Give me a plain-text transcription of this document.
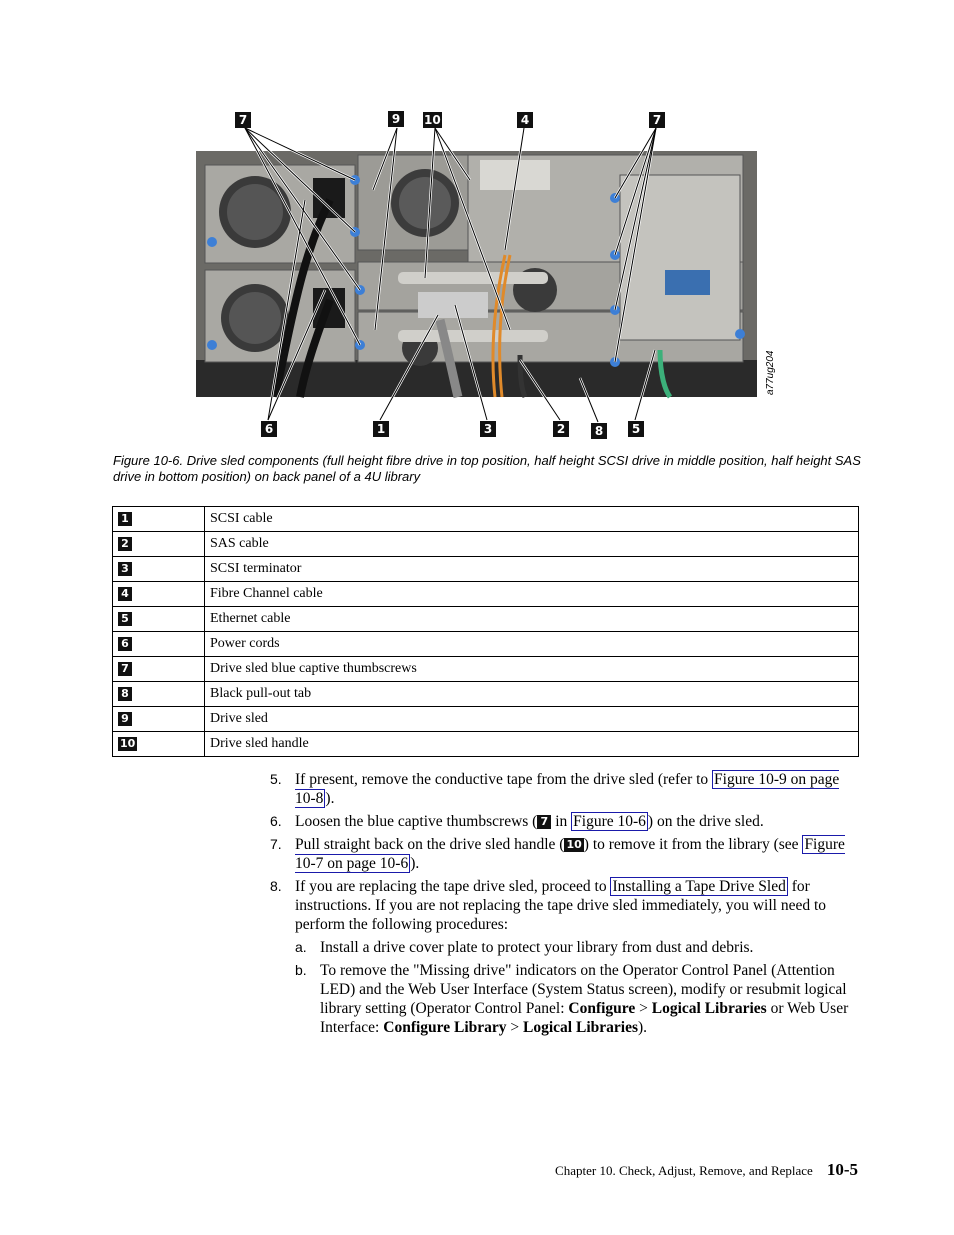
a77ug204
7	9	10	4	7
6	1	3	2	8	5
Figure 10-6. Drive sled components (full height fibre drive in top position, half height SCSI drive in middle position, half height SAS drive in bottom position) on back panel of a 4U library
1	SCSI cable
2	SAS cable
3	SCSI terminator
4	Fibre Channel cable
5	Ethernet cable
6	Power cords
7	Drive sled blue captive thumbscrews
8	Black pull-out tab
9	Drive sled
10	Drive sled handle
5. If present, remove the conductive tape from the drive sled (refer to Figure 10-9 on page 10-8 ).
6. Loosen the blue captive thumbscrews ( 7 in Figure 10-6 ) on the drive sled.
7. Pull straight back on the drive sled handle ( 10 ) to remove it from the library (see Figure 10-7 on page 10-6 ).
8. If you are replacing the tape drive sled, proceed to Installing a Tape Drive Sled for instructions. If you are not replacing the tape drive sled immediately, you will need to perform the following procedures:
a. Install a drive cover plate to protect your library from dust and debris.
b. To remove the "Missing drive" indicators on the Operator Control Panel (Attention LED) and the Web User Interface (System Status screen), modify or resubmit logical library setting (Operator Control Panel: Configure > Logical Libraries or Web User Interface: Configure Library > Logical Libraries).
Chapter 10. Check, Adjust, Remove, and Replace 10-5
